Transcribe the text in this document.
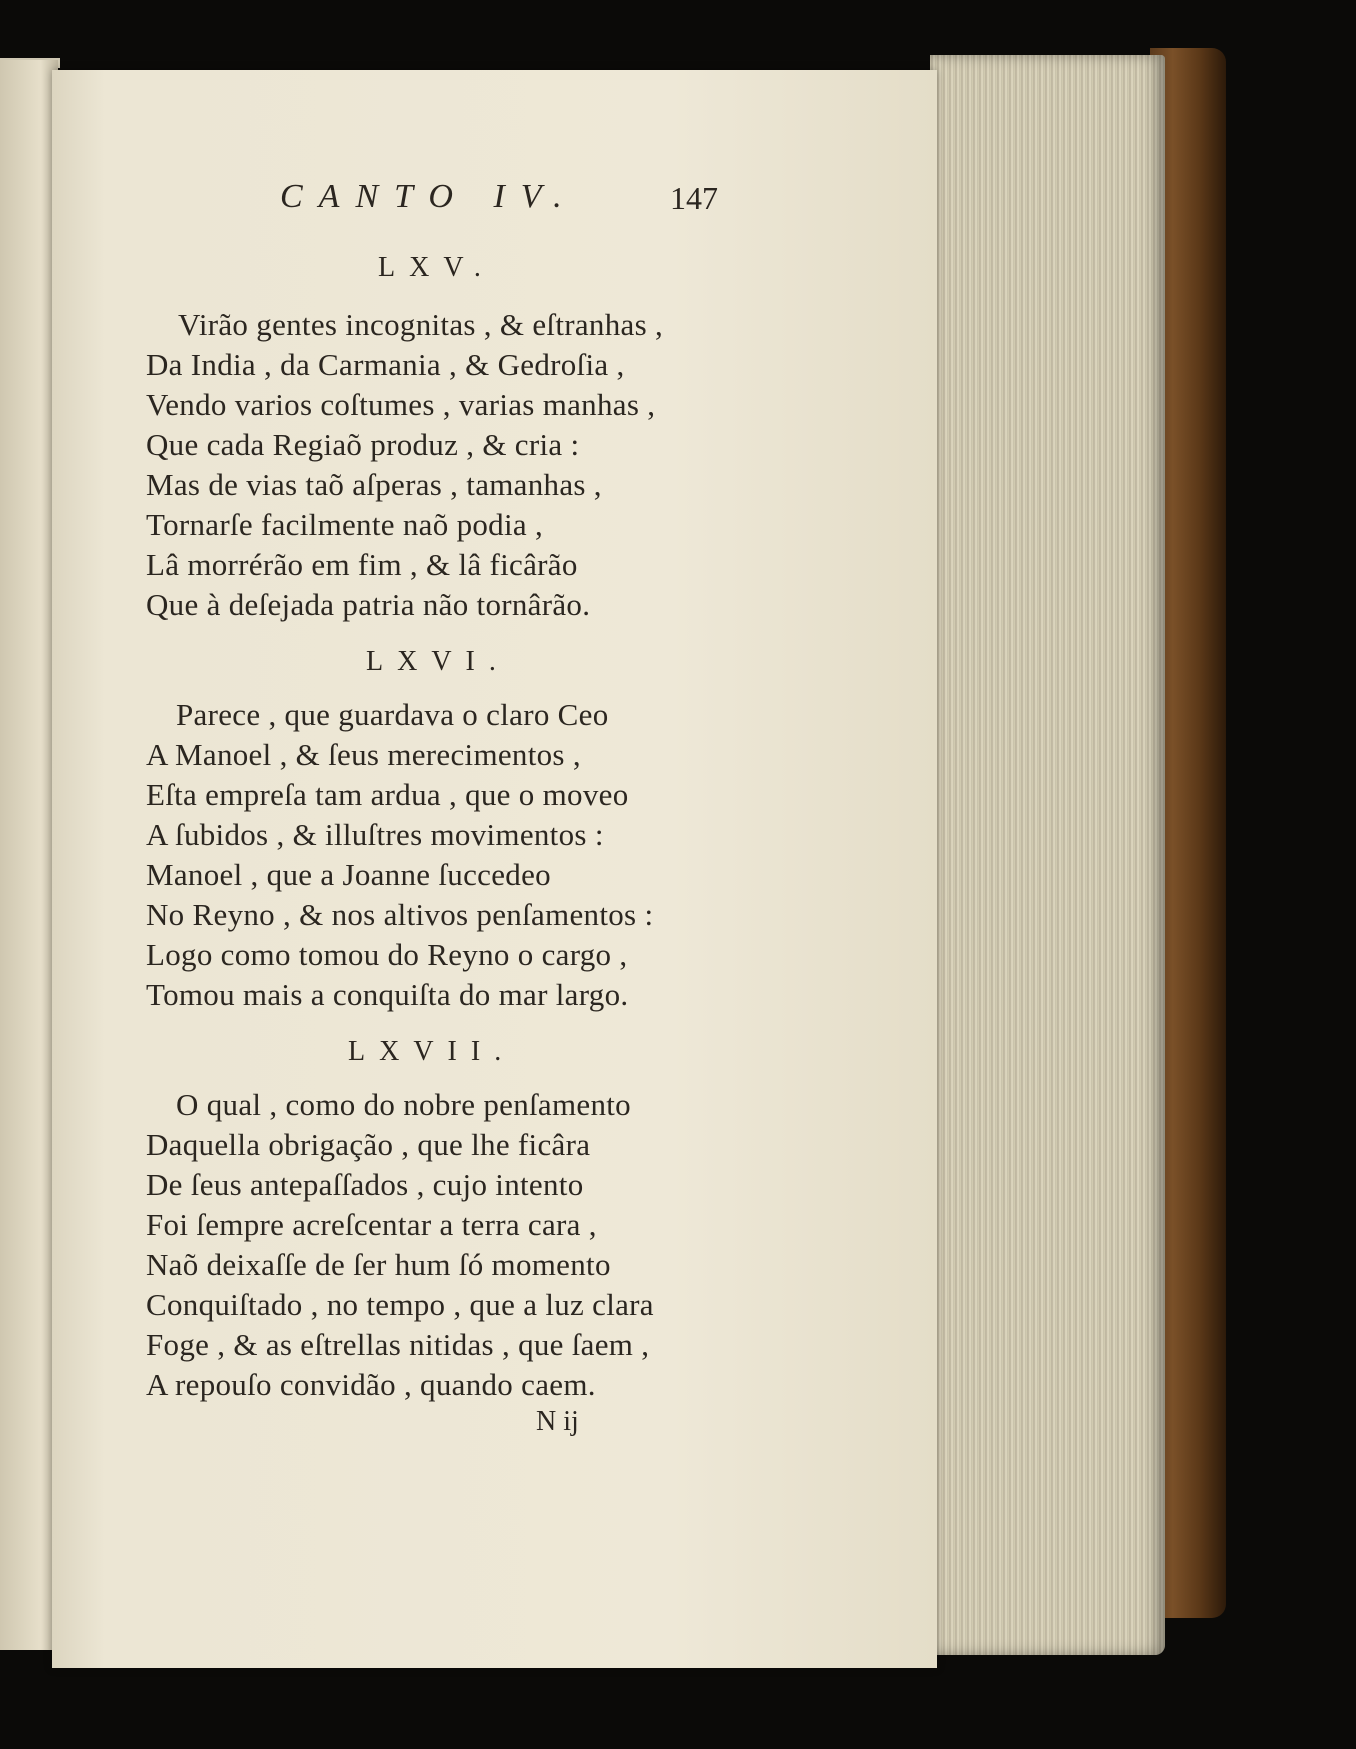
CANTO IV.	147
LXV.
Virão gentes incognitas , & eſtranhas ,
Da India , da Carmania , & Gedroſia ,
Vendo varios coſtumes , varias manhas ,
Que cada Regiaõ produz , & cria :
Mas de vias taõ aſperas , tamanhas ,
Tornarſe facilmente naõ podia ,
Lâ morrérão em fim , & lâ ficârão
Que à deſejada patria não tornârão.
LXVI.
Parece , que guardava o claro Ceo
A Manoel , & ſeus merecimentos ,
Eſta empreſa tam ardua , que o moveo
A ſubidos , & illuſtres movimentos :
Manoel , que a Joanne ſuccedeo
No Reyno , & nos altivos penſamentos :
Logo como tomou do Reyno o cargo ,
Tomou mais a conquiſta do mar largo.
LXVII.
O qual , como do nobre penſamento
Daquella obrigação , que lhe ficâra
De ſeus antepaſſados , cujo intento
Foi ſempre acreſcentar a terra cara ,
Naõ deixaſſe de ſer hum ſó momento
Conquiſtado , no tempo , que a luz clara
Foge , & as eſtrellas nitidas , que ſaem ,
A repouſo convidão , quando caem.
N ij
